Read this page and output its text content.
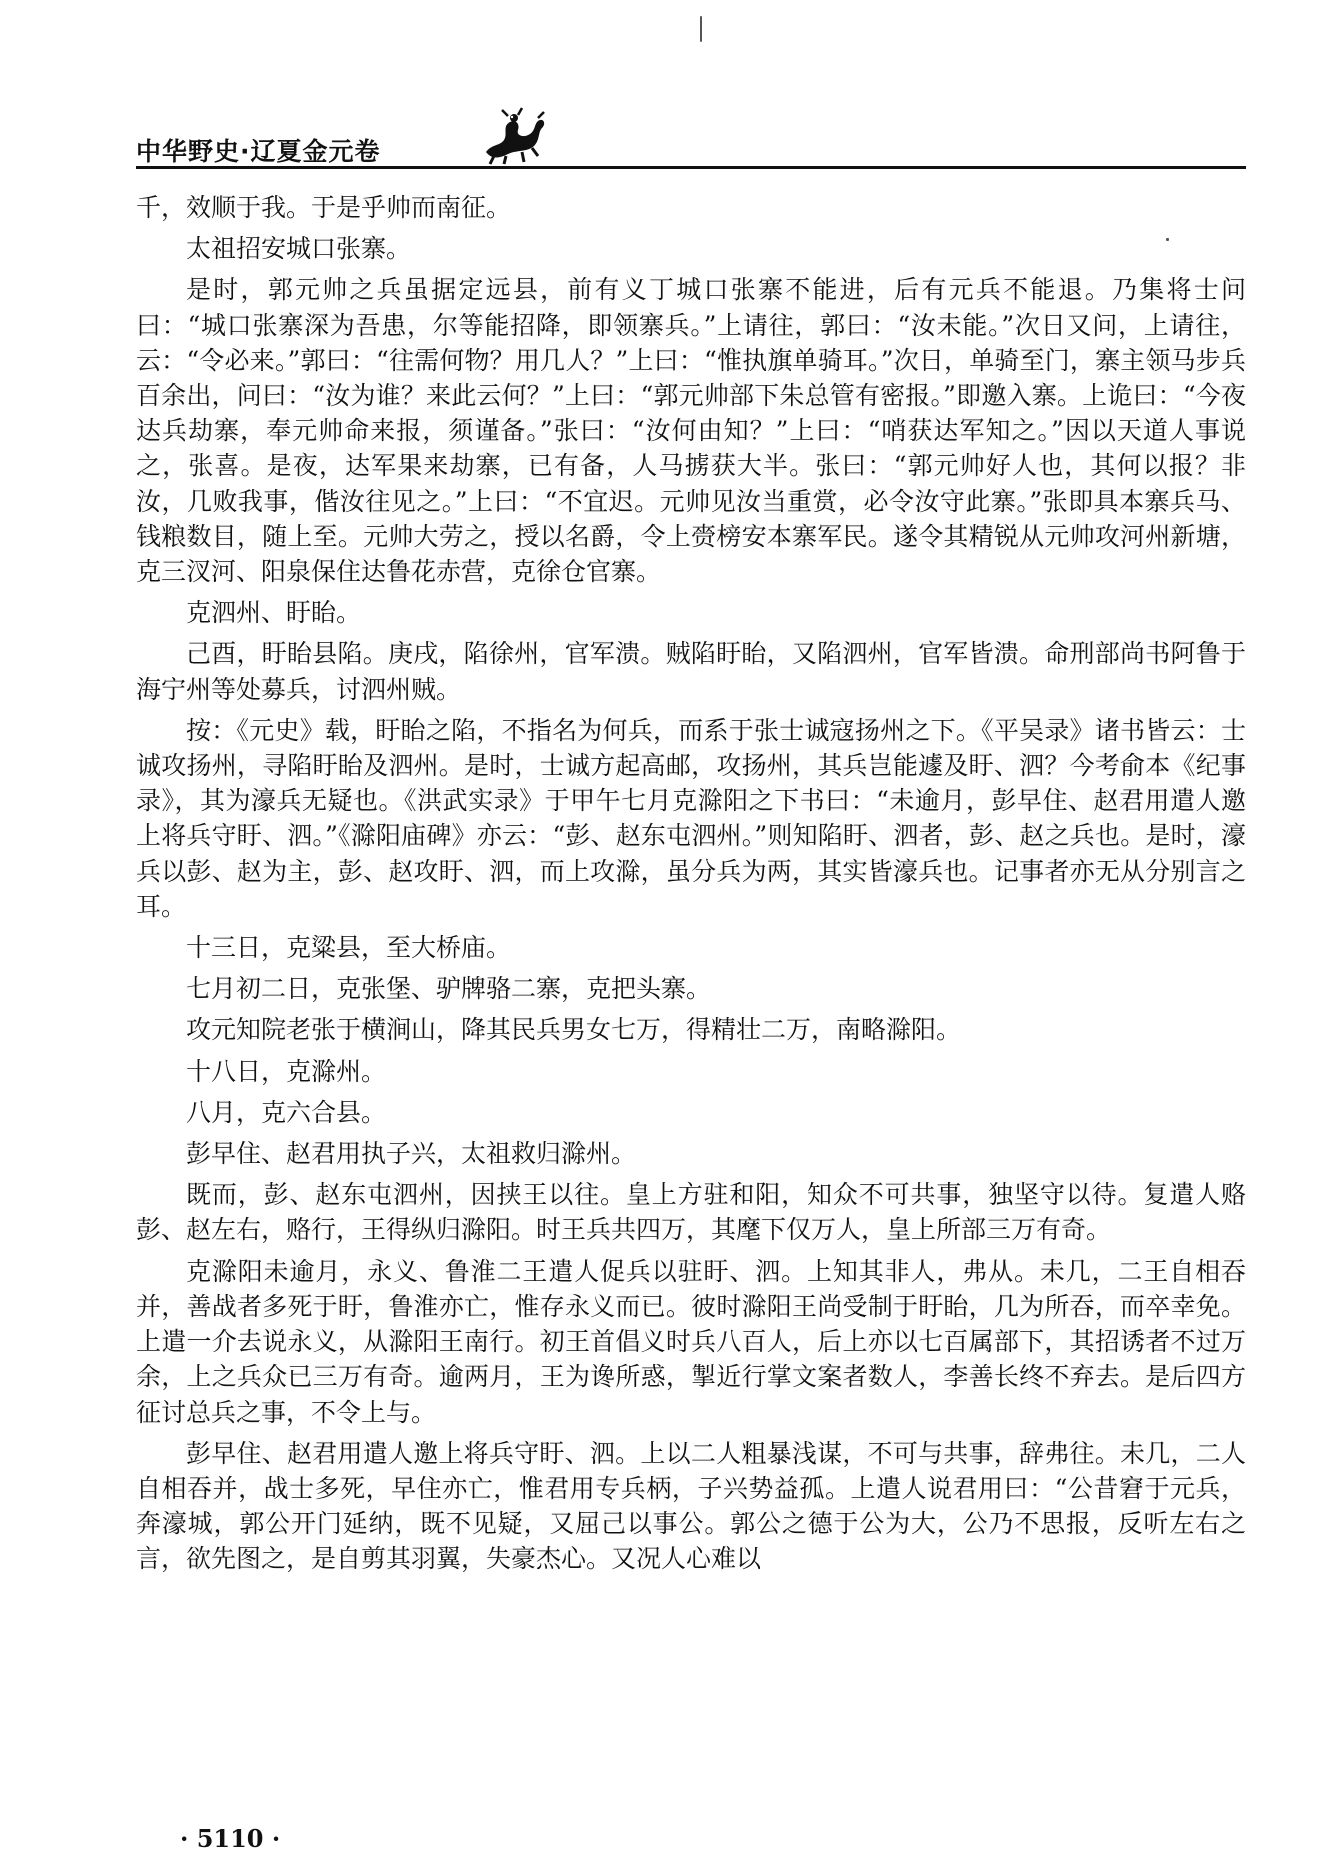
中华野史·辽夏金元卷

千，效顺于我。于是乎帅而南征。

太祖招安城口张寨。

是时，郭元帅之兵虽据定远县，前有义丁城口张寨不能进，后有元兵不能退。乃集将士问曰：“城口张寨深为吾患，尔等能招降，即领寨兵。”上请往，郭曰：“汝未能。”次日又问，上请往，云：“令必来。”郭曰：“往需何物？用几人？”上曰：“惟执旗单骑耳。”次日，单骑至门，寨主领马步兵百余出，问曰：“汝为谁？来此云何？”上曰：“郭元帅部下朱总管有密报。”即邀入寨。上诡曰：“今夜达兵劫寨，奉元帅命来报，须谨备。”张曰：“汝何由知？”上曰：“哨获达军知之。”因以天道人事说之，张喜。是夜，达军果来劫寨，已有备，人马掳获大半。张曰：“郭元帅好人也，其何以报？非汝，几败我事，偕汝往见之。”上曰：“不宜迟。元帅见汝当重赏，必令汝守此寨。”张即具本寨兵马、钱粮数目，随上至。元帅大劳之，授以名爵，令上赍榜安本寨军民。遂令其精锐从元帅攻河州新塘，克三汊河、阳泉保住达鲁花赤营，克徐仓官寨。

克泗州、盱眙。

己酉，盱眙县陷。庚戌，陷徐州，官军溃。贼陷盱眙，又陷泗州，官军皆溃。命刑部尚书阿鲁于海宁州等处募兵，讨泗州贼。

按：《元史》载，盱眙之陷，不指名为何兵，而系于张士诚寇扬州之下。《平吴录》诸书皆云：士诚攻扬州，寻陷盱眙及泗州。是时，士诚方起高邮，攻扬州，其兵岂能遽及盱、泗？今考俞本《纪事录》，其为濠兵无疑也。《洪武实录》于甲午七月克滁阳之下书曰：“未逾月，彭早住、赵君用遣人邀上将兵守盱、泗。”《滁阳庙碑》亦云：“彭、赵东屯泗州。”则知陷盱、泗者，彭、赵之兵也。是时，濠兵以彭、赵为主，彭、赵攻盱、泗，而上攻滁，虽分兵为两，其实皆濠兵也。记事者亦无从分别言之耳。

十三日，克粱县，至大桥庙。

七月初二日，克张堡、驴牌骆二寨，克把头寨。

攻元知院老张于横涧山，降其民兵男女七万，得精壮二万，南略滁阳。

十八日，克滁州。

八月，克六合县。

彭早住、赵君用执子兴，太祖救归滁州。

既而，彭、赵东屯泗州，因挟王以往。皇上方驻和阳，知众不可共事，独坚守以待。复遣人赂彭、赵左右，赂行，王得纵归滁阳。时王兵共四万，其麾下仅万人，皇上所部三万有奇。

克滁阳未逾月，永义、鲁淮二王遣人促兵以驻盱、泗。上知其非人，弗从。未几，二王自相吞并，善战者多死于盱，鲁淮亦亡，惟存永义而已。彼时滁阳王尚受制于盱眙，几为所吞，而卒幸免。上遣一介去说永义，从滁阳王南行。初王首倡义时兵八百人，后上亦以七百属部下，其招诱者不过万余，上之兵众已三万有奇。逾两月，王为谗所惑，掣近行掌文案者数人，李善长终不弃去。是后四方征讨总兵之事，不令上与。

彭早住、赵君用遣人邀上将兵守盱、泗。上以二人粗暴浅谋，不可与共事，辞弗往。未几，二人自相吞并，战士多死，早住亦亡，惟君用专兵柄，子兴势益孤。上遣人说君用曰：“公昔窘于元兵，奔濠城，郭公开门延纳，既不见疑，又屈己以事公。郭公之德于公为大，公乃不思报，反听左右之言，欲先图之，是自剪其羽翼，失豪杰心。又况人心难以

· 5110 ·
